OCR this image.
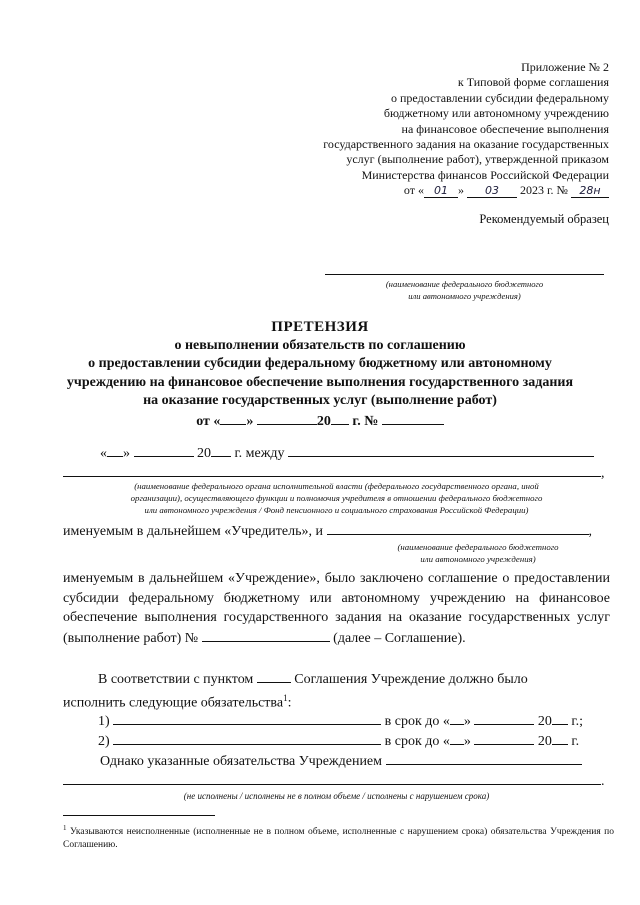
Приложение № 2
к Типовой форме соглашения
о предоставлении субсидии федеральному
бюджетному или автономному учреждению
на финансовое обеспечение выполнения
государственного задания на оказание государственных
услуг (выполнение работ), утвержденной приказом
Министерства финансов Российской Федерации
от « 01 » 03 2023 г. № 28н
Рекомендуемый образец
(наименование федерального бюджетного
или автономного учреждения)
ПРЕТЕНЗИЯ
о невыполнении обязательств по соглашению
о предоставлении субсидии федеральному бюджетному или автономному
учреждению на финансовое обеспечение выполнения государственного задания
на оказание государственных услуг (выполнение работ)
от « »	20 г. №
« »	20 г. между
,
(наименование федерального органа исполнительной власти (федерального государственного органа, иной
организации), осуществляющего функции и полномочия учредителя в отношении федерального бюджетного
или автономного учреждения / Фонд пенсионного и социального страхования Российской Федерации)
именуемым в дальнейшем «Учредитель», и	,
(наименование федерального бюджетного
или автономного учреждения)
именуемым в дальнейшем «Учреждение», было заключено соглашение о предоставлении субсидии федеральному бюджетному или автономному учреждению на финансовое обеспечение выполнения государственного задания на оказание государственных услуг (выполнение работ) №	(далее – Соглашение).
В соответствии с пунктом	Соглашения Учреждение должно было
исполнить следующие обязательства$^1$:
1)	в срок до « »	20 г.;
2)	в срок до « »	20 г.
Однако указанные обязательства Учреждением
.
(не исполнены / исполнены не в полном объеме / исполнены с нарушением срока)
$^1$ Указываются неисполненные (исполненные не в полном объеме, исполненные с нарушением срока) обязательства Учреждения по Соглашению.
